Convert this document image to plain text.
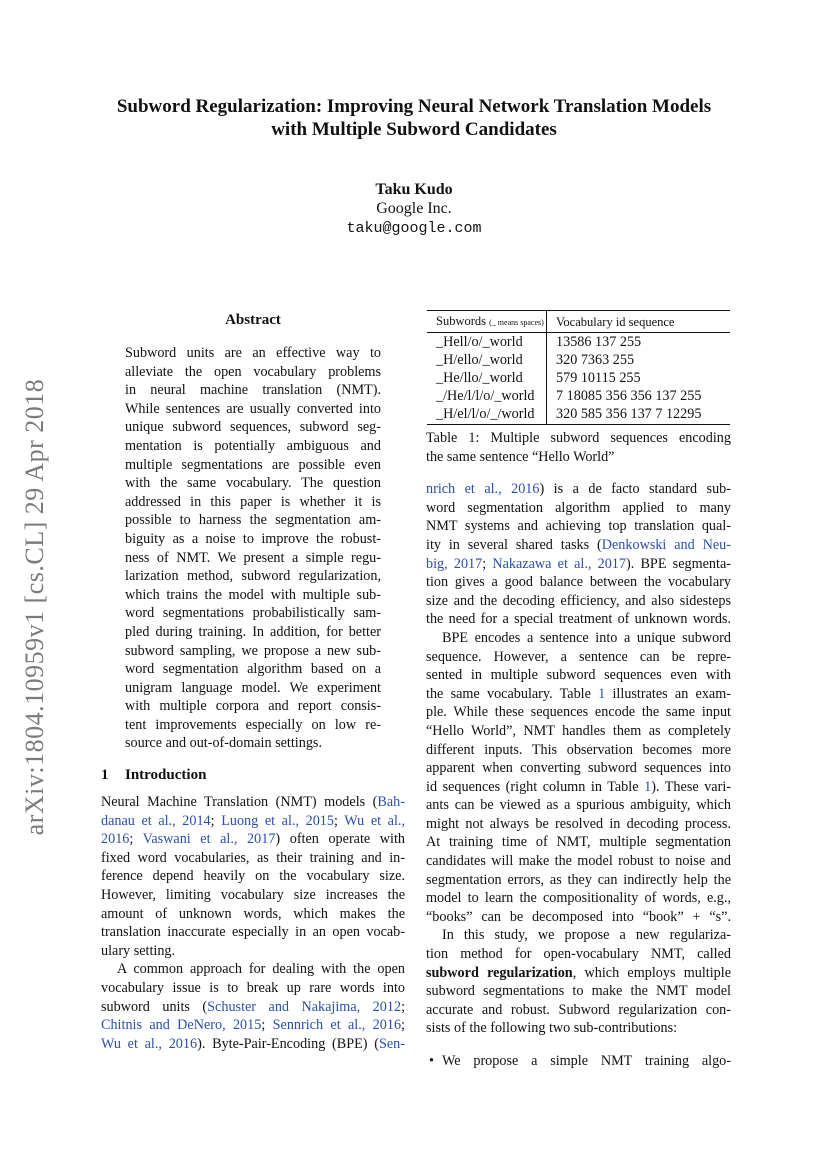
arXiv:1804.10959v1 [cs.CL] 29 Apr 2018
Subword Regularization: Improving Neural Network Translation Models
with Multiple Subword Candidates
Taku Kudo
Google Inc.
taku@google.com
Abstract
Subword units are an effective way to
alleviate the open vocabulary problems
in neural machine translation (NMT).
While sentences are usually converted into
unique subword sequences, subword seg-
mentation is potentially ambiguous and
multiple segmentations are possible even
with the same vocabulary. The question
addressed in this paper is whether it is
possible to harness the segmentation am-
biguity as a noise to improve the robust-
ness of NMT. We present a simple regu-
larization method, subword regularization,
which trains the model with multiple sub-
word segmentations probabilistically sam-
pled during training. In addition, for better
subword sampling, we propose a new sub-
word segmentation algorithm based on a
unigram language model. We experiment
with multiple corpora and report consis-
tent improvements especially on low re-
source and out-of-domain settings.
1 Introduction
Neural Machine Translation (NMT) models (Bah-
danau et al., 2014; Luong et al., 2015; Wu et al.,
2016; Vaswani et al., 2017) often operate with
fixed word vocabularies, as their training and in-
ference depend heavily on the vocabulary size.
However, limiting vocabulary size increases the
amount of unknown words, which makes the
translation inaccurate especially in an open vocab-
ulary setting.
A common approach for dealing with the open
vocabulary issue is to break up rare words into
subword units (Schuster and Nakajima, 2012;
Chitnis and DeNero, 2015; Sennrich et al., 2016;
Wu et al., 2016). Byte-Pair-Encoding (BPE) (Sen-
Subwords (_ means spaces)	Vocabulary id sequence
_Hell/o/_world	13586 137 255
_H/ello/_world	320 7363 255
_He/llo/_world	579 10115 255
_/He/l/l/o/_world	7 18085 356 356 137 255
_H/el/l/o/_/world	320 585 356 137 7 12295
Table 1: Multiple subword sequences encoding
the same sentence “Hello World”
nrich et al., 2016) is a de facto standard sub-
word segmentation algorithm applied to many
NMT systems and achieving top translation qual-
ity in several shared tasks (Denkowski and Neu-
big, 2017; Nakazawa et al., 2017). BPE segmenta-
tion gives a good balance between the vocabulary
size and the decoding efficiency, and also sidesteps
the need for a special treatment of unknown words.
BPE encodes a sentence into a unique subword
sequence. However, a sentence can be repre-
sented in multiple subword sequences even with
the same vocabulary. Table 1 illustrates an exam-
ple. While these sequences encode the same input
“Hello World”, NMT handles them as completely
different inputs. This observation becomes more
apparent when converting subword sequences into
id sequences (right column in Table 1). These vari-
ants can be viewed as a spurious ambiguity, which
might not always be resolved in decoding process.
At training time of NMT, multiple segmentation
candidates will make the model robust to noise and
segmentation errors, as they can indirectly help the
model to learn the compositionality of words, e.g.,
“books” can be decomposed into “book” + “s”.
In this study, we propose a new regulariza-
tion method for open-vocabulary NMT, called
subword regularization, which employs multiple
subword segmentations to make the NMT model
accurate and robust. Subword regularization con-
sists of the following two sub-contributions:
• We propose a simple NMT training algo-
